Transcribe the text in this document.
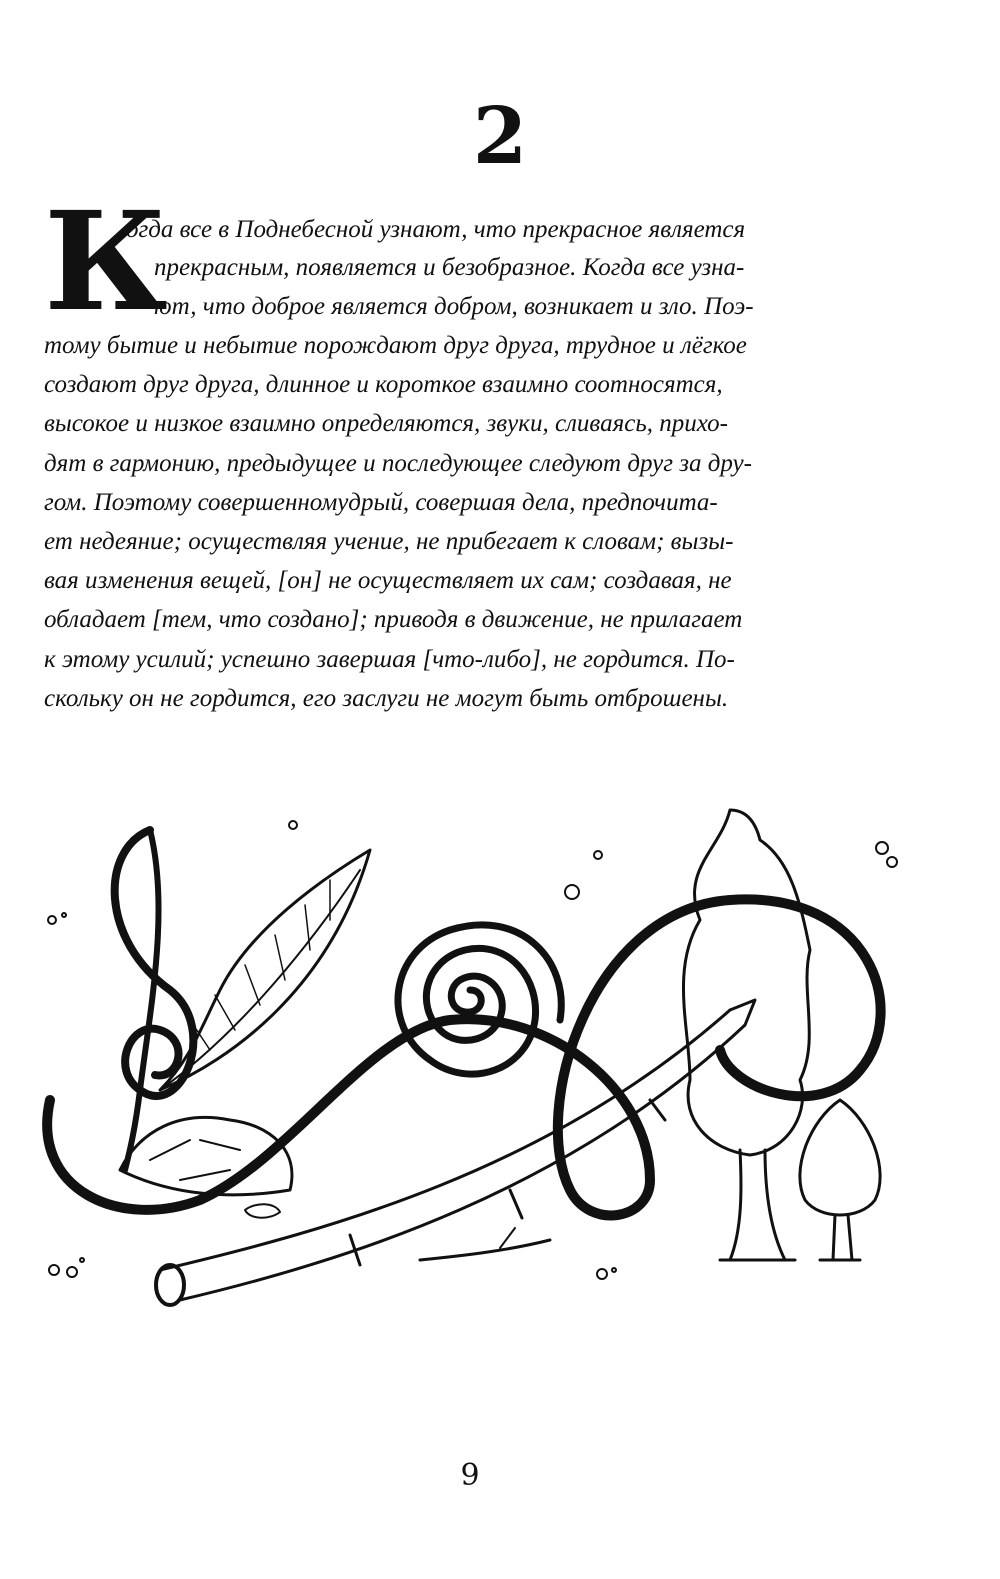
2
К
огда все в Поднебесной узнают, что прекрасное является
прекрасным, появляется и безобразное. Когда все узна-
ют, что доброе является добром, возникает и зло. Поэ-
тому бытие и небытие порождают друг друга, трудное и лёгкое
создают друг друга, длинное и короткое взаимно соотносятся,
высокое и низкое взаимно определяются, звуки, сливаясь, прихо-
дят в гармонию, предыдущее и последующее следуют друг за дру-
гом. Поэтому совершенномудрый, совершая дела, предпочита-
ет недеяние; осуществляя учение, не прибегает к словам; вызы-
вая изменения вещей, [он] не осуществляет их сам; создавая, не
обладает [тем, что создано]; приводя в движение, не прилагает
к этому усилий; успешно завершая [что-либо], не гордится. По-
скольку он не гордится, его заслуги не могут быть отброшены.
9
